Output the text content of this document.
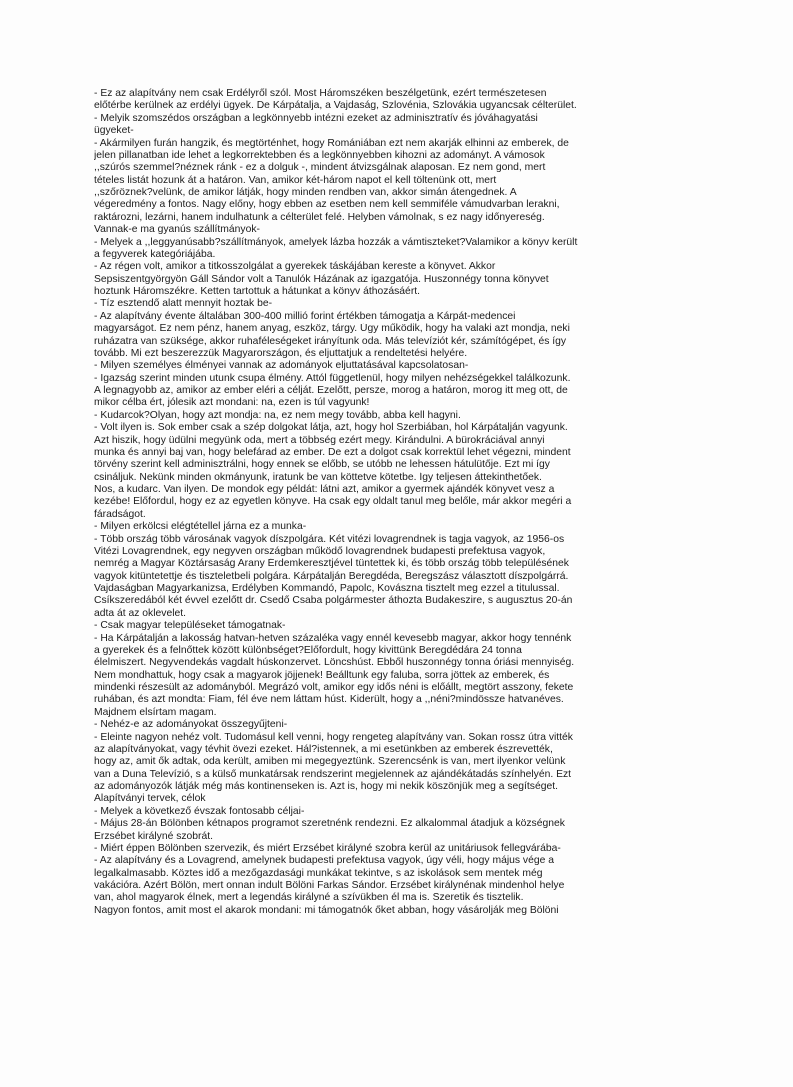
- Ez az alapítvány nem csak Erdélyről szól. Most Háromszéken beszélgetünk, ezért természetesen
előtérbe kerülnek az erdélyi ügyek. De Kárpátalja, a Vajdaság, Szlovénia, Szlovákia ugyancsak célterület.
- Melyik szomszédos országban a legkönnyebb intézni ezeket az adminisztratív és jóváhagyatási
ügyeket-
- Akármilyen furán hangzik, és megtörténhet, hogy Romániában ezt nem akarják elhinni az emberek, de
jelen pillanatban ide lehet a legkorrektebben és a legkönnyebben kihozni az adományt. A vámosok
,,szúrós szemmel?néznek ránk - ez a dolguk -, mindent átvizsgálnak alaposan. Ez nem gond, mert
tételes listát hozunk át a határon. Van, amikor két-három napot el kell töltenünk ott, mert
,,szőröznek?velünk, de amikor látják, hogy minden rendben van, akkor simán átengednek. A
végeredmény a fontos. Nagy előny, hogy ebben az esetben nem kell semmiféle vámudvarban lerakni,
raktározni, lezárni, hanem indulhatunk a célterület felé. Helyben vámolnak, s ez nagy időnyereség.
Vannak-e ma gyanús szállítmányok-
- Melyek a ,,leggyanúsabb?szállítmányok, amelyek lázba hozzák a vámtiszteket?Valamikor a könyv került
a fegyverek kategóriájába.
- Az régen volt, amikor a titkosszolgálat a gyerekek táskájában kereste a könyvet. Akkor
Sepsiszentgyörgyön Gáll Sándor volt a Tanulók Házának az igazgatója. Huszonnégy tonna könyvet
hoztunk Háromszékre. Ketten tartottuk a hátunkat a könyv áthozásáért.
- Tíz esztendő alatt mennyit hoztak be-
- Az alapítvány évente általában 300-400 millió forint értékben támogatja a Kárpát-medencei
magyarságot. Ez nem pénz, hanem anyag, eszköz, tárgy. Úgy működik, hogy ha valaki azt mondja, neki
ruházatra van szüksége, akkor ruhaféleségeket irányítunk oda. Más televíziót kér, számítógépet, és így
tovább. Mi ezt beszerezzük Magyarországon, és eljuttatjuk a rendeltetési helyére.
- Milyen személyes élményei vannak az adományok eljuttatásával kapcsolatosan-
- Igazság szerint minden utunk csupa élmény. Attól függetlenül, hogy milyen nehézségekkel találkozunk.
A legnagyobb az, amikor az ember eléri a célját. Ezelőtt, persze, morog a határon, morog itt meg ott, de
mikor célba ért, jólesik azt mondani: na, ezen is túl vagyunk!
- Kudarcok?Olyan, hogy azt mondja: na, ez nem megy tovább, abba kell hagyni.
- Volt ilyen is. Sok ember csak a szép dolgokat látja, azt, hogy hol Szerbiában, hol Kárpátalján vagyunk.
Azt hiszik, hogy üdülni megyünk oda, mert a többség ezért megy. Kirándulni. A bürokráciával annyi
munka és annyi baj van, hogy belefárad az ember. De ezt a dolgot csak korrektül lehet végezni, mindent
törvény szerint kell adminisztrálni, hogy ennek se előbb, se utóbb ne lehessen hátulütője. Ezt mi így
csináljuk. Nekünk minden okmányunk, iratunk be van köttetve kötetbe. Így teljesen áttekinthetőek.
Nos, a kudarc. Van ilyen. De mondok egy példát: látni azt, amikor a gyermek ajándék könyvet vesz a
kezébe! Előfordul, hogy ez az egyetlen könyve. Ha csak egy oldalt tanul meg belőle, már akkor megéri a
fáradságot.
- Milyen erkölcsi elégtétellel járna ez a munka-
- Több ország több városának vagyok díszpolgára. Két vitézi lovagrendnek is tagja vagyok, az 1956-os
Vitézi Lovagrendnek, egy negyven országban működő lovagrendnek budapesti prefektusa vagyok,
nemrég a Magyar Köztársaság Arany Érdemkeresztjével tüntettek ki, és több ország több településének
vagyok kitüntetettje és tiszteletbeli polgára. Kárpátalján Beregdéda, Beregszász választott díszpolgárrá.
Vajdaságban Magyarkanizsa, Erdélyben Kommandó, Papolc, Kovászna tisztelt meg ezzel a titulussal.
Csíkszeredából két évvel ezelőtt dr. Csedő Csaba polgármester áthozta Budakeszire, s augusztus 20-án
adta át az oklevelet.
- Csak magyar településeket támogatnak-
- Ha Kárpátalján a lakosság hatvan-hetven százaléka vagy ennél kevesebb magyar, akkor hogy tennénk
a gyerekek és a felnőttek között különbséget?Előfordult, hogy kivittünk Beregdédára 24 tonna
élelmiszert. Negyvendekás vagdalt húskonzervet. Löncshúst. Ebből huszonnégy tonna óriási mennyiség.
Nem mondhattuk, hogy csak a magyarok jöjjenek! Beálltunk egy faluba, sorra jöttek az emberek, és
mindenki részesült az adományból. Megrázó volt, amikor egy idős néni is előállt, megtört asszony, fekete
ruhában, és azt mondta: Fiam, fél éve nem láttam húst. Kiderült, hogy a ,,néni?mindössze hatvanéves.
Majdnem elsírtam magam.
- Nehéz-e az adományokat összegyűjteni-
- Eleinte nagyon nehéz volt. Tudomásul kell venni, hogy rengeteg alapítvány van. Sokan rossz útra vitték
az alapítványokat, vagy tévhit övezi ezeket. Hál?istennek, a mi esetünkben az emberek észrevették,
hogy az, amit ők adtak, oda került, amiben mi megegyeztünk. Szerencsénk is van, mert ilyenkor velünk
van a Duna Televízió, s a külső munkatársak rendszerint megjelennek az ajándékátadás színhelyén. Ezt
az adományozók látják még más kontinenseken is. Azt is, hogy mi nekik köszönjük meg a segítséget.
Alapítványi tervek, célok
- Melyek a következő évszak fontosabb céljai-
- Május 28-án Bölönben kétnapos programot szeretnénk rendezni. Ez alkalommal átadjuk a községnek
Erzsébet királyné szobrát.
- Miért éppen Bölönben szervezik, és miért Erzsébet királyné szobra kerül az unitáriusok fellegvárába-
- Az alapítvány és a Lovagrend, amelynek budapesti prefektusa vagyok, úgy véli, hogy május vége a
legalkalmasabb. Köztes idő a mezőgazdasági munkákat tekintve, s az iskolások sem mentek még
vakációra. Azért Bölön, mert onnan indult Bölöni Farkas Sándor. Erzsébet királynénak mindenhol helye
van, ahol magyarok élnek, mert a legendás királyné a szívükben él ma is. Szeretik és tisztelik.
Nagyon fontos, amit most el akarok mondani: mi támogatnók őket abban, hogy vásárolják meg Bölöni
